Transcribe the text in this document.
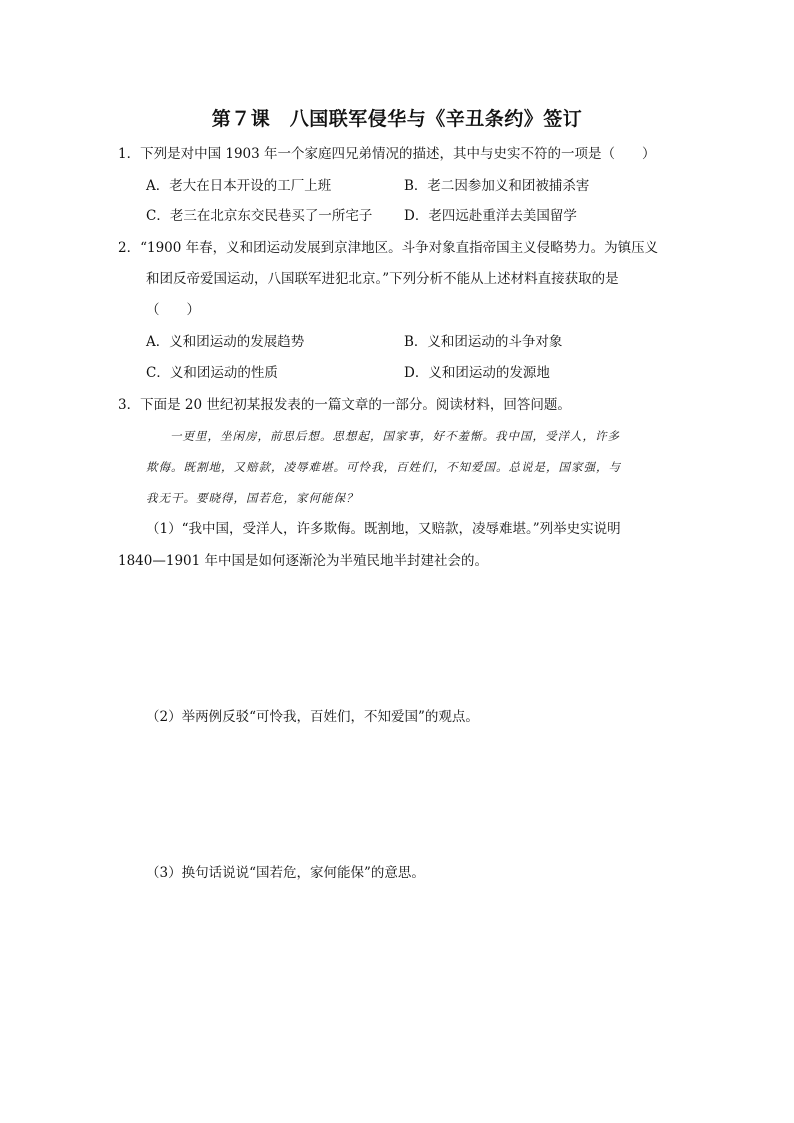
第７课　八国联军侵华与《辛丑条约》签订
1．下列是对中国 1903 年一个家庭四兄弟情况的描述，其中与史实不符的一项是（　　）
A．老大在日本开设的工厂上班	B．老二因参加义和团被捕杀害
C．老三在北京东交民巷买了一所宅子 D．老四远赴重洋去美国留学
2．“1900 年春，义和团运动发展到京津地区。斗争对象直指帝国主义侵略势力。为镇压义
和团反帝爱国运动，八国联军进犯北京。”下列分析不能从上述材料直接获取的是
（　　）
A．义和团运动的发展趋势	B．义和团运动的斗争对象
C．义和团运动的性质	D．义和团运动的发源地
3．下面是 20 世纪初某报发表的一篇文章的一部分。阅读材料，回答问题。
一更里，坐闲房，前思后想。思想起，国家事，好不羞惭。我中国，受洋人，许多
欺侮。既割地，又赔款，凌辱难堪。可怜我，百姓们，不知爱国。总说是，国家强，与
我无干。要晓得，国若危，家何能保？
（1）“我中国，受洋人，许多欺侮。既割地，又赔款，凌辱难堪。”列举史实说明
1840—1901 年中国是如何逐渐沦为半殖民地半封建社会的。
（2）举两例反驳“可怜我，百姓们，不知爱国”的观点。
（3）换句话说说“国若危，家何能保”的意思。
